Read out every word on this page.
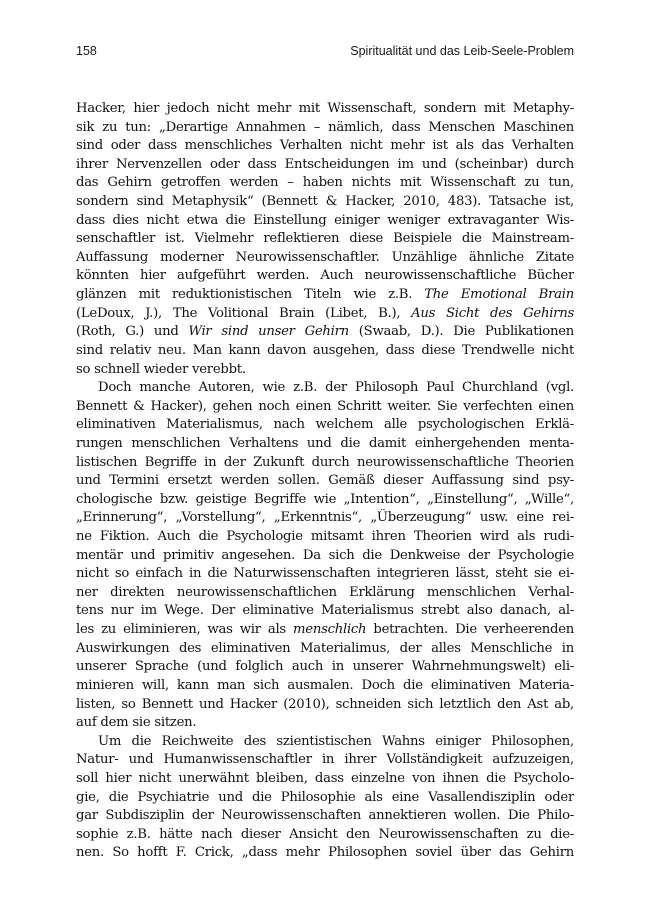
158	Spiritualität und das Leib-Seele-Problem
Hacker, hier jedoch nicht mehr mit Wissenschaft, sondern mit Metaphy-
sik zu tun: „Derartige Annahmen – nämlich, dass Menschen Maschinen
sind oder dass menschliches Verhalten nicht mehr ist als das Verhalten
ihrer Nervenzellen oder dass Entscheidungen im und (scheinbar) durch
das Gehirn getroffen werden – haben nichts mit Wissenschaft zu tun,
sondern sind Metaphysik“ (Bennett & Hacker, 2010, 483). Tatsache ist,
dass dies nicht etwa die Einstellung einiger weniger extravaganter Wis-
senschaftler ist. Vielmehr reflektieren diese Beispiele die Mainstream-
Auffassung moderner Neurowissenschaftler. Unzählige ähnliche Zitate
könnten hier aufgeführt werden. Auch neurowissenschaftliche Bücher
glänzen mit reduktionistischen Titeln wie z.B. The Emotional Brain
(LeDoux, J.), The Volitional Brain (Libet, B.), Aus Sicht des Gehirns
(Roth, G.) und Wir sind unser Gehirn (Swaab, D.). Die Publikationen
sind relativ neu. Man kann davon ausgehen, dass diese Trendwelle nicht
so schnell wieder verebbt.
Doch manche Autoren, wie z.B. der Philosoph Paul Churchland (vgl.
Bennett & Hacker), gehen noch einen Schritt weiter. Sie verfechten einen
eliminativen Materialismus, nach welchem alle psychologischen Erklä-
rungen menschlichen Verhaltens und die damit einhergehenden menta-
listischen Begriffe in der Zukunft durch neurowissenschaftliche Theorien
und Termini ersetzt werden sollen. Gemäß dieser Auffassung sind psy-
chologische bzw. geistige Begriffe wie „Intention“, „Einstellung“, „Wille“,
„Erinnerung“, „Vorstellung“, „Erkenntnis“, „Überzeugung“ usw. eine rei-
ne Fiktion. Auch die Psychologie mitsamt ihren Theorien wird als rudi-
mentär und primitiv angesehen. Da sich die Denkweise der Psychologie
nicht so einfach in die Naturwissenschaften integrieren lässt, steht sie ei-
ner direkten neurowissenschaftlichen Erklärung menschlichen Verhal-
tens nur im Wege. Der eliminative Materialismus strebt also danach, al-
les zu eliminieren, was wir als menschlich betrachten. Die verheerenden
Auswirkungen des eliminativen Materialimus, der alles Menschliche in
unserer Sprache (und folglich auch in unserer Wahrnehmungswelt) eli-
minieren will, kann man sich ausmalen. Doch die eliminativen Materia-
listen, so Bennett und Hacker (2010), schneiden sich letztlich den Ast ab,
auf dem sie sitzen.
Um die Reichweite des szientistischen Wahns einiger Philosophen,
Natur- und Humanwissenschaftler in ihrer Vollständigkeit aufzuzeigen,
soll hier nicht unerwähnt bleiben, dass einzelne von ihnen die Psycholo-
gie, die Psychiatrie und die Philosophie als eine Vasallendisziplin oder
gar Subdisziplin der Neurowissenschaften annektieren wollen. Die Philo-
sophie z.B. hätte nach dieser Ansicht den Neurowissenschaften zu die-
nen. So hofft F. Crick, „dass mehr Philosophen soviel über das Gehirn
